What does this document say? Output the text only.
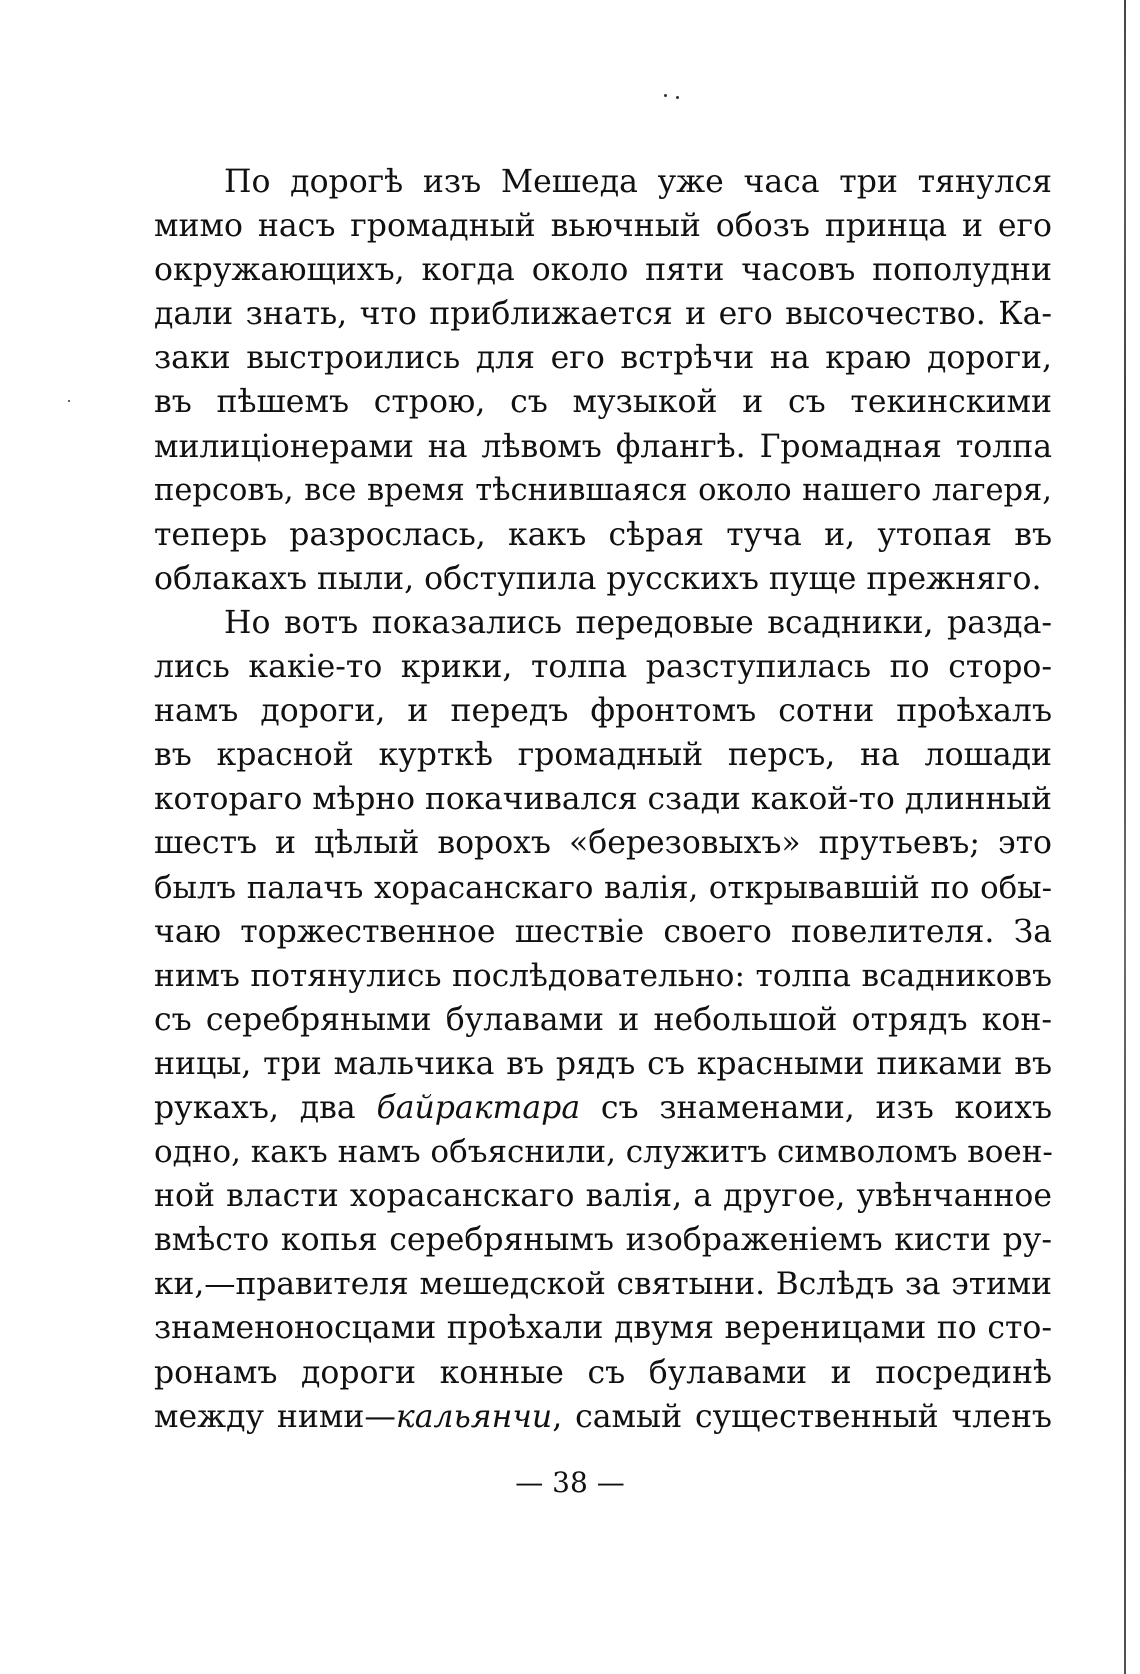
По дорогѣ изъ Мешеда уже часа три тянулся
мимо насъ громадный вьючный обозъ принца и его
окружающихъ, когда около пяти часовъ пополудни
дали знать, что приближается и его высочество. Ка-
заки выстроились для его встрѣчи на краю дороги,
въ пѣшемъ строю, съ музыкой и съ текинскими
милиціонерами на лѣвомъ флангѣ. Громадная толпа
персовъ, все время тѣснившаяся около нашего лагеря,
теперь разрослась, какъ сѣрая туча и, утопая въ
облакахъ пыли, обступила русскихъ пуще прежняго.
Но вотъ показались передовые всадники, разда-
лись какіе-то крики, толпа разступилась по сторо-
намъ дороги, и передъ фронтомъ сотни проѣхалъ
въ красной курткѣ громадный персъ, на лошади
котораго мѣрно покачивался сзади какой-то длинный
шестъ и цѣлый ворохъ «березовыхъ» прутьевъ; это
былъ палачъ хорасанскаго валія, открывавшій по обы-
чаю торжественное шествіе своего повелителя. За
нимъ потянулись послѣдовательно: толпа всадниковъ
съ серебряными булавами и небольшой отрядъ кон-
ницы, три мальчика въ рядъ съ красными пиками въ
рукахъ, два байрактара съ знаменами, изъ коихъ
одно, какъ намъ объяснили, служитъ символомъ воен-
ной власти хорасанскаго валія, а другое, увѣнчанное
вмѣсто копья серебрянымъ изображеніемъ кисти ру-
ки,—правителя мешедской святыни. Вслѣдъ за этими
знаменоносцами проѣхали двумя вереницами по сто-
ронамъ дороги конные съ булавами и посрединѣ
между ними—кальянчи, самый существенный членъ
— 38 —
